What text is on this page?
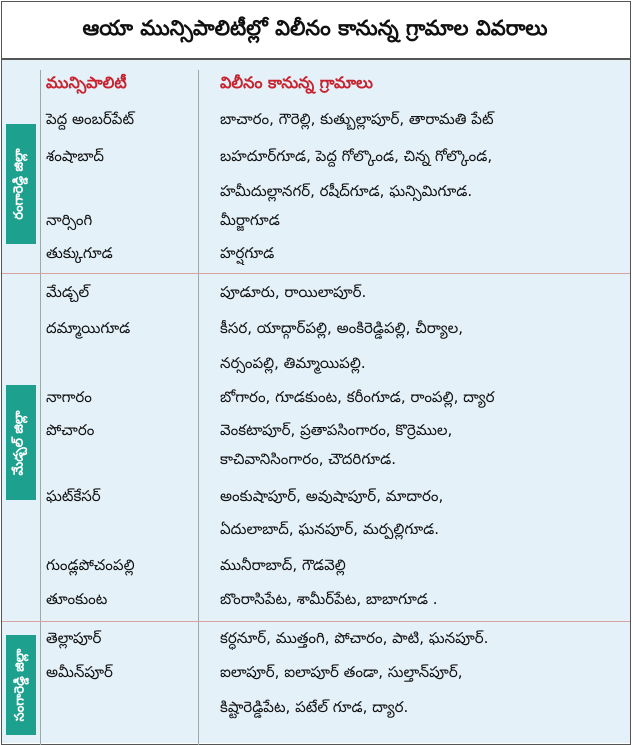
ఆయా మున్సిపాలిటీల్లో విలీనం కానున్న గ్రామాల వివరాలు
మున్సిపాలిటీ	విలీనం కానున్న గ్రామాలు
రంగారెడ్డి జిల్లా
మేడ్చల్ జిల్లా
సంగారెడ్డి జిల్లా
పెద్ద అంబర్‌పేట్	బాచారం, గౌరెల్లి, కుత్బుల్లాపూర్, తారామతి పేట్
శంషాబాద్	బహదూర్‌గూడ, పెద్ద గోల్కొండ, చిన్న గోల్కొండ,
హమీదుల్లానగర్, రషీద్‌గూడ, ఘన్సిమిగూడ.
నార్సింగి	మీర్జాగూడ
తుక్కుగూడ	హర్షగూడ
మేడ్చల్	పూడూరు, రాయిలాపూర్.
దమ్మాయిగూడ	కీసర, యాద్గార్‌పల్లి, అంకిరెడ్డిపల్లి, చీర్యాల,
నర్సంపల్లి, తిమ్మాయిపల్లి.
నాగారం	బోగారం, గూడకుంట, కరీంగూడ, రాంపల్లి, ద్యార
పోచారం	వెంకటాపూర్, ప్రతాపసింగారం, కొర్రెముల,
కాచివానిసింగారం, చౌదరిగూడ.
ఘట్‌కేసర్	అంకుషాపూర్, అవుషాపూర్, మాదారం,
ఏదులాబాద్, ఘనపూర్, మర్పల్లిగూడ.
గుండ్లపోచంపల్లి	మునీరాబాద్, గౌడవెల్లి
తూంకుంట	బొంరాసిపేట, శామీర్‌పేట, బాబాగూడ .
తెల్లాపూర్	కర్ధనూర్, ముత్తంగి, పోచారం, పాటి, ఘనపూర్.
అమీన్‌పూర్	ఐలాపూర్, ఐలాపూర్ తండా, సుల్తాన్‌పూర్,
కిష్టారెడ్డిపేట, పటేల్ గూడ, ద్యార.
